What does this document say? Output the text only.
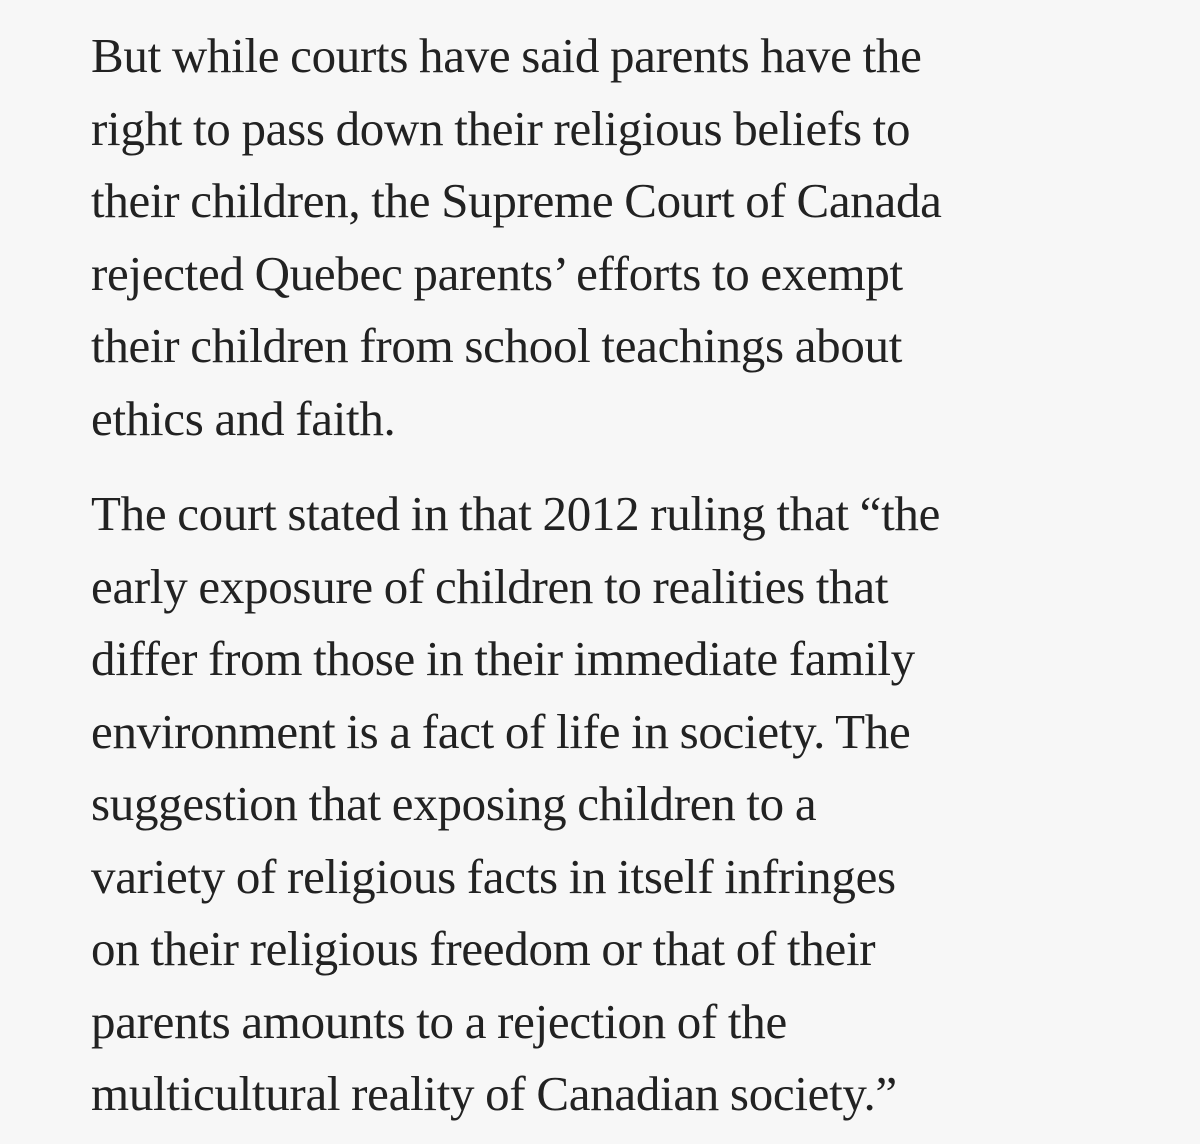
But while courts have said parents have the
right to pass down their religious beliefs to
their children, the Supreme Court of Canada
rejected Quebec parents’ efforts to exempt
their children from school teachings about
ethics and faith.

The court stated in that 2012 ruling that “the
early exposure of children to realities that
differ from those in their immediate family
environment is a fact of life in society. The
suggestion that exposing children to a
variety of religious facts in itself infringes
on their religious freedom or that of their
parents amounts to a rejection of the
multicultural reality of Canadian society.”
